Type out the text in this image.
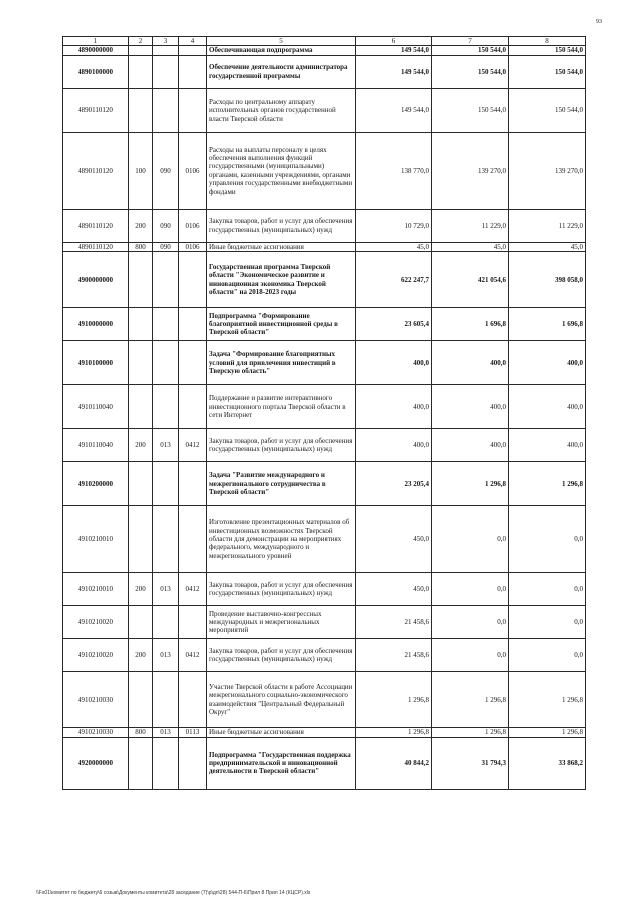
93
1	2	3	4	5	6	7	8
4890000000				Обеспечивающая подпрограмма	149 544,0	150 544,0	150 544,0
4890100000				Обеспечение деятельности администратора государственной программы	149 544,0	150 544,0	150 544,0
4890110120				Расходы по центральному аппарату исполнительных органов государственной власти Тверской области	149 544,0	150 544,0	150 544,0
4890110120	100	090	0106	Расходы на выплаты персоналу в целях обеспечения выполнения функций государственными (муниципальными) органами, казенными учреждениями, органами управления государственными внебюджетными фондами	138 770,0	139 270,0	139 270,0
4890110120	200	090	0106	Закупка товаров, работ и услуг для обеспечения государственных (муниципальных) нужд	10 729,0	11 229,0	11 229,0
4890110120	800	090	0106	Иные бюджетные ассигнования	45,0	45,0	45,0
4900000000				Государственная программа Тверской области "Экономическое развитие и инновационная экономика Тверской области" на 2018-2023 годы	622 247,7	421 054,6	398 058,0
4910000000				Подпрограмма "Формирование благоприятной инвестиционной среды в Тверской области"	23 605,4	1 696,8	1 696,8
4910100000				Задача "Формирование благоприятных условий для привлечения инвестиций в Тверскую область"	400,0	400,0	400,0
4910110040				Поддержание и развитие интерактивного инвестиционного портала Тверской области в сети Интернет	400,0	400,0	400,0
4910110040	200	013	0412	Закупка товаров, работ и услуг для обеспечения государственных (муниципальных) нужд	400,0	400,0	400,0
4910200000				Задача "Развитие международного и межрегионального сотрудничества в Тверской области"	23 205,4	1 296,8	1 296,8
4910210010				Изготовление презентационных материалов об инвестиционных возможностях Тверской области для демонстрации на мероприятиях федерального, международного и межрегионального уровней	450,0	0,0	0,0
4910210010	200	013	0412	Закупка товаров, работ и услуг для обеспечения государственных (муниципальных) нужд	450,0	0,0	0,0
4910210020				Проведение выставочно-конгрессных международных и межрегиональных мероприятий	21 458,6	0,0	0,0
4910210020	200	013	0412	Закупка товаров, работ и услуг для обеспечения государственных (муниципальных) нужд	21 458,6	0,0	0,0
4910210030				Участие Тверской области в работе Ассоциации межрегионального социально-экономического взаимодействия "Центральный Федеральный Округ"	1 296,8	1 296,8	1 296,8
4910210030	800	013	0113	Иные бюджетные ассигнования	1 296,8	1 296,8	1 296,8
4920000000				Подпрограмма "Государственная поддержка предпринимательской и инновационной деятельности в Тверской области"	40 844,2	31 794,3	33 868,2
\\Fs01\комитет по бюджету\6 созыв\Документы комитета\28 заседание (7)\р\дп\28) 544-П-6\Прил 8 Прил 14 (КЦСР).xls
